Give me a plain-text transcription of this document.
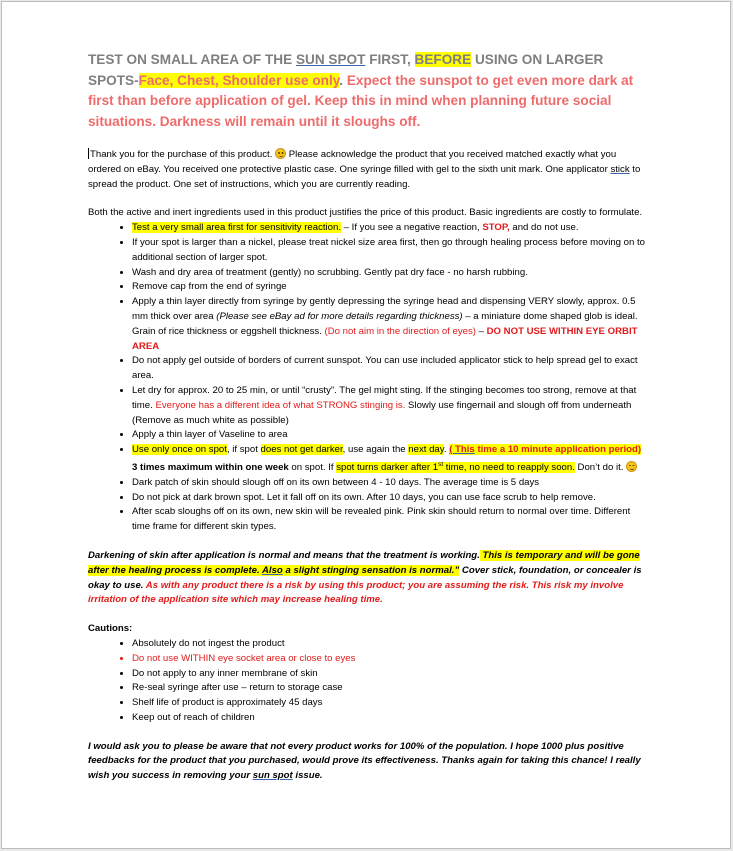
TEST ON SMALL AREA OF THE SUN SPOT FIRST, BEFORE USING ON LARGER SPOTS-Face, Chest, Shoulder use only. Expect the sunspot to get even more dark at first than before application of gel. Keep this in mind when planning future social situations. Darkness will remain until it sloughs off.

Thank you for the purchase of this product.  Please acknowledge the product that you received matched exactly what you ordered on eBay. You received one protective plastic case. One syringe filled with gel to the sixth unit mark. One applicator stick to spread the product. One set of instructions, which you are currently reading.

Both the active and inert ingredients used in this product justifies the price of this product. Basic ingredients are costly to formulate.

• Test a very small area first for sensitivity reaction. – If you see a negative reaction, STOP, and do not use.
• If your spot is larger than a nickel, please treat nickel size area first, then go through healing process before moving on to additional section of larger spot.
• Wash and dry area of treatment (gently) no scrubbing. Gently pat dry face - no harsh rubbing.
• Remove cap from the end of syringe
• Apply a thin layer directly from syringe by gently depressing the syringe head and dispensing VERY slowly, approx. 0.5 mm thick over area (Please see eBay ad for more details regarding thickness) – a miniature dome shaped glob is ideal. Grain of rice thickness or eggshell thickness. (Do not aim in the direction of eyes) – DO NOT USE WITHIN EYE ORBIT AREA
• Do not apply gel outside of borders of current sunspot. You can use included applicator stick to help spread gel to exact area.
• Let dry for approx. 20 to 25 min, or until “crusty”. The gel might sting. If the stinging becomes too strong, remove at that time. Everyone has a different idea of what STRONG stinging is. Slowly use fingernail and slough off from underneath (Remove as much white as possible)
• Apply a thin layer of Vaseline to area
• Use only once on spot, if spot does not get darker, use again the next day. ( This time a 10 minute application period) 3 times maximum within one week on spot. If spot turns darker after 1st time, no need to reapply soon. Don’t do it.
• Dark patch of skin should slough off on its own between 4 - 10 days. The average time is 5 days
• Do not pick at dark brown spot. Let it fall off on its own. After 10 days, you can use face scrub to help remove.
• After scab sloughs off on its own, new skin will be revealed pink. Pink skin should return to normal over time. Different time frame for different skin types.

Darkening of skin after application is normal and means that the treatment is working. This is temporary and will be gone after the healing process is complete. Also a slight stinging sensation is normal.” Cover stick, foundation, or concealer is okay to use. As with any product there is a risk by using this product; you are assuming the risk. This risk my involve irritation of the application site which may increase healing time.

Cautions:

• Absolutely do not ingest the product
• Do not use WITHIN eye socket area or close to eyes
• Do not apply to any inner membrane of skin
• Re-seal syringe after use – return to storage case
• Shelf life of product is approximately 45 days
• Keep out of reach of children

I would ask you to please be aware that not every product works for 100% of the population. I hope 1000 plus positive feedbacks for the product that you purchased, would prove its effectiveness. Thanks again for taking this chance! I really wish you success in removing your sun spot issue.
